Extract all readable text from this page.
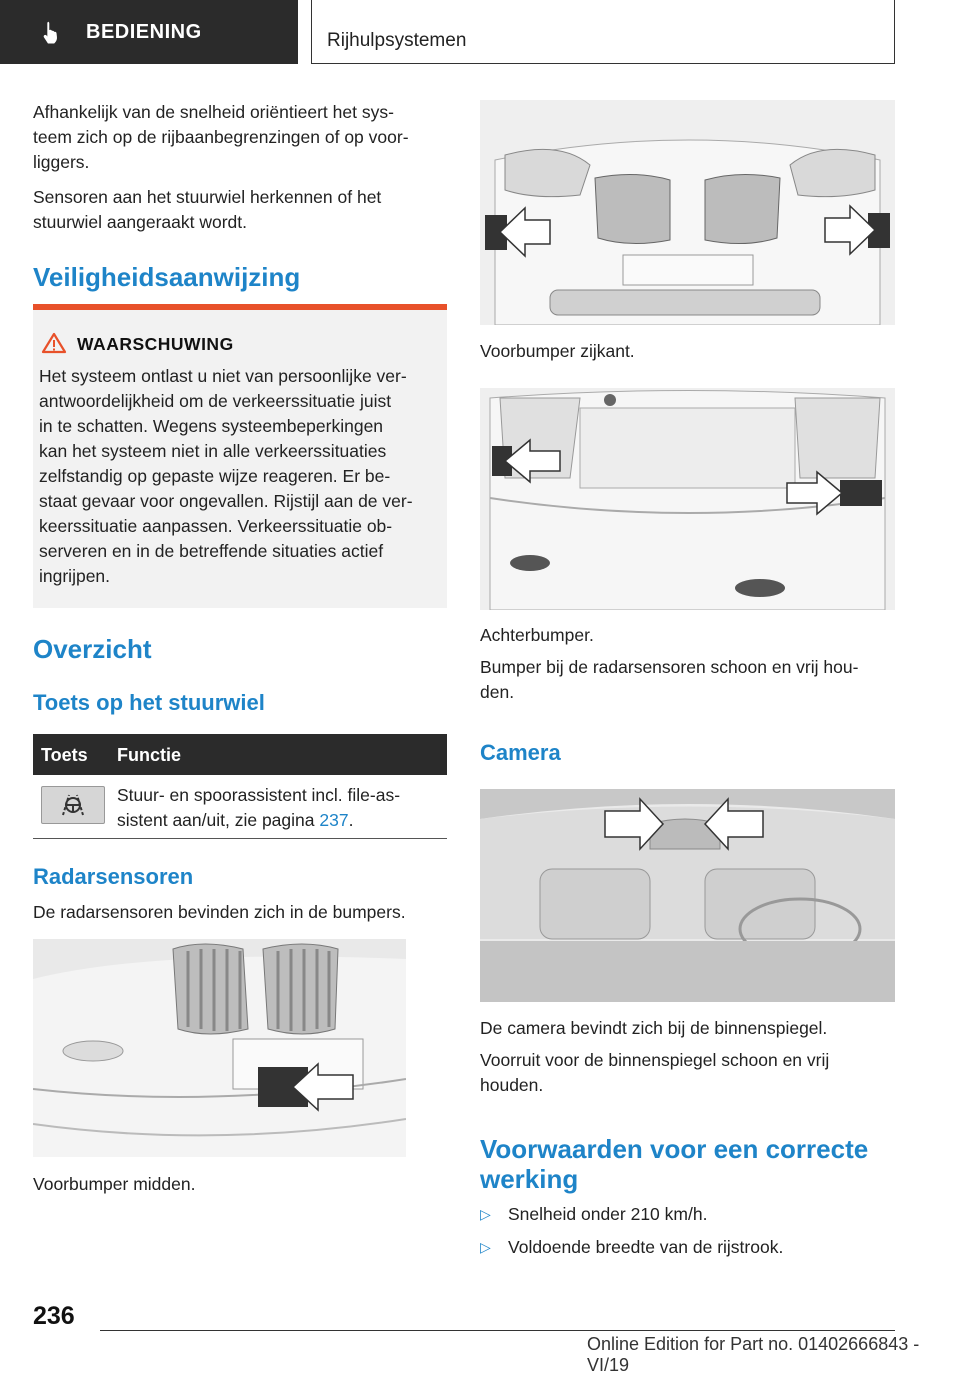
BEDIENING	Rijhulpsystemen

Afhankelijk van de snelheid oriëntieert het sys-
teem zich op de rijbaanbegrenzingen of op voor-
liggers.

Sensoren aan het stuurwiel herkennen of het stuurwiel aangeraakt wordt.

Veiligheidsaanwijzing
WAARSCHUWING

Het systeem ontlast u niet van persoonlijke ver-
antwoordelijkheid om de verkeerssituatie juist
in te schatten. Wegens systeembeperkingen
kan het systeem niet in alle verkeerssituaties
zelfstandig op gepaste wijze reageren. Er be-
staat gevaar voor ongevallen. Rijstijl aan de ver-
keerssituatie aanpassen. Verkeerssituatie ob-
serveren en in de betreffende situaties actief
ingrijpen.

Overzicht
Toets op het stuurwiel
Toets Functie

Stuur- en spoorassistent incl. file-as-
sistent aan/uit, zie pagina 237.

Radarsensoren

De radarsensoren bevinden zich in de bumpers.

Voorbumper midden.

Voorbumper zijkant.

Achterbumper.

Bumper bij de radarsensoren schoon en vrij hou-
den.

Camera

De camera bevindt zich bij de binnenspiegel.

Voorruit voor de binnenspiegel schoon en vrij
houden.

Voorwaarden voor een correcte
werking
▷ Snelheid onder 210 km/h.
▷ Voldoende breedte van de rijstrook.
236
Online Edition for Part no. 01402666843 - VI/19
